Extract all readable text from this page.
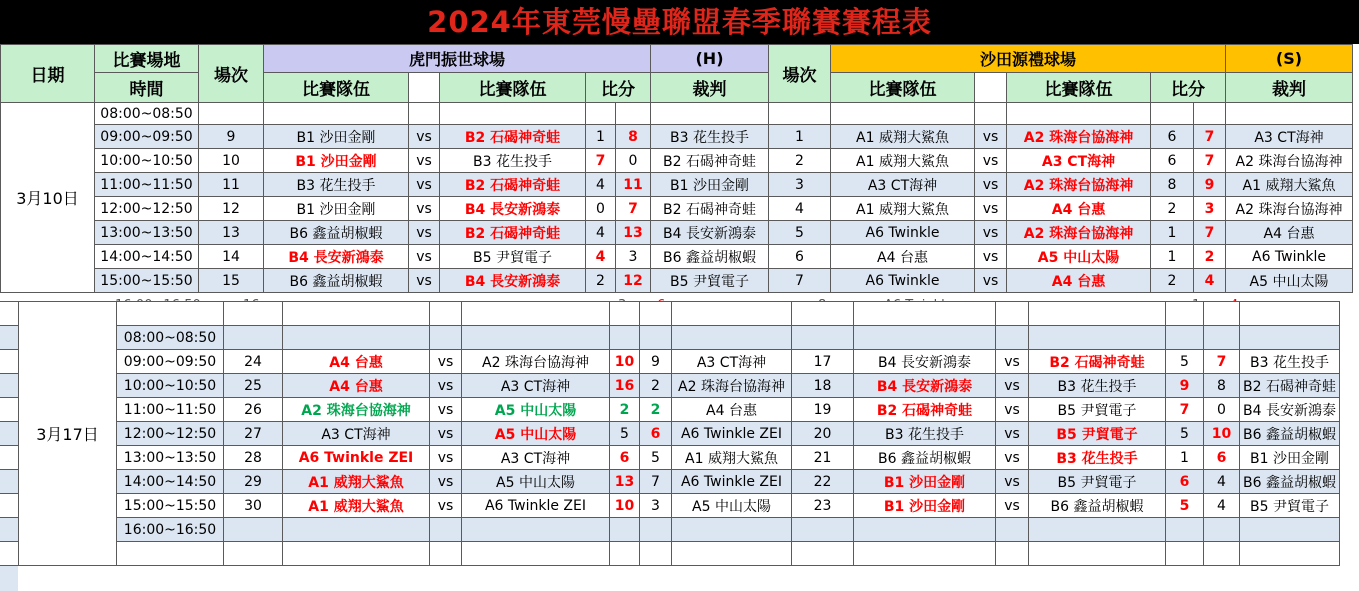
2024年東莞慢壘聯盟春季聯賽賽程表
日期	比賽場地	場次	虎門振世球場					(H)	場次	沙田源禮球場					(S)
	時間		比賽隊伍		比賽隊伍	比分		裁判		比賽隊伍		比賽隊伍	比分		裁判
3月10日	08:00~08:50														
	09:00~09:50	9	B1 沙田金剛	vs	B2 石碣神奇蛙	1	8	B3 花生投手	1	A1 威翔大鯊魚	vs	A2 珠海台協海神	6	7	A3 CT海神
	10:00~10:50	10	B1 沙田金剛	vs	B3 花生投手	7	0	B2 石碣神奇蛙	2	A1 威翔大鯊魚	vs	A3 CT海神	6	7	A2 珠海台協海神
	11:00~11:50	11	B3 花生投手	vs	B2 石碣神奇蛙	4	11	B1 沙田金剛	3	A3 CT海神	vs	A2 珠海台協海神	8	9	A1 威翔大鯊魚
	12:00~12:50	12	B1 沙田金剛	vs	B4 長安新鴻泰	0	7	B2 石碣神奇蛙	4	A1 威翔大鯊魚	vs	A4 台惠	2	3	A2 珠海台協海神
	13:00~13:50	13	B6 鑫益胡椒蝦	vs	B2 石碣神奇蛙	4	13	B4 長安新鴻泰	5	A6 Twinkle	vs	A2 珠海台協海神	1	7	A4 台惠
	14:00~14:50	14	B4 長安新鴻泰	vs	B5 尹貿電子	4	3	B6 鑫益胡椒蝦	6	A4 台惠	vs	A5 中山太陽	1	2	A6 Twinkle
	15:00~15:50	15	B6 鑫益胡椒蝦	vs	B4 長安新鴻泰	2	12	B5 尹貿電子	7	A6 Twinkle	vs	A4 台惠	2	4	A5 中山太陽
3月17日															
	08:00~08:50														
	09:00~09:50	24	A4 台惠	vs	A2 珠海台協海神	10	9	A3 CT海神	17	B4 長安新鴻泰	vs	B2 石碣神奇蛙	5	7	B3 花生投手
	10:00~10:50	25	A4 台惠	vs	A3 CT海神	16	2	A2 珠海台協海神	18	B4 長安新鴻泰	vs	B3 花生投手	9	8	B2 石碣神奇蛙
	11:00~11:50	26	A2 珠海台協海神	vs	A5 中山太陽	2	2	A4 台惠	19	B2 石碣神奇蛙	vs	B5 尹貿電子	7	0	B4 長安新鴻泰
	12:00~12:50	27	A3 CT海神	vs	A5 中山太陽	5	6	A6 Twinkle ZEI	20	B3 花生投手	vs	B5 尹貿電子	5	10	B6 鑫益胡椒蝦
	13:00~13:50	28	A6 Twinkle ZEI	vs	A3 CT海神	6	5	A1 威翔大鯊魚	21	B6 鑫益胡椒蝦	vs	B3 花生投手	1	6	B1 沙田金剛
	14:00~14:50	29	A1 威翔大鯊魚	vs	A5 中山太陽	13	7	A6 Twinkle ZEI	22	B1 沙田金剛	vs	B5 尹貿電子	6	4	B6 鑫益胡椒蝦
	15:00~15:50	30	A1 威翔大鯊魚	vs	A6 Twinkle ZEI	10	3	A5 中山太陽	23	B1 沙田金剛	vs	B6 鑫益胡椒蝦	5	4	B5 尹貿電子
	16:00~16:50														
